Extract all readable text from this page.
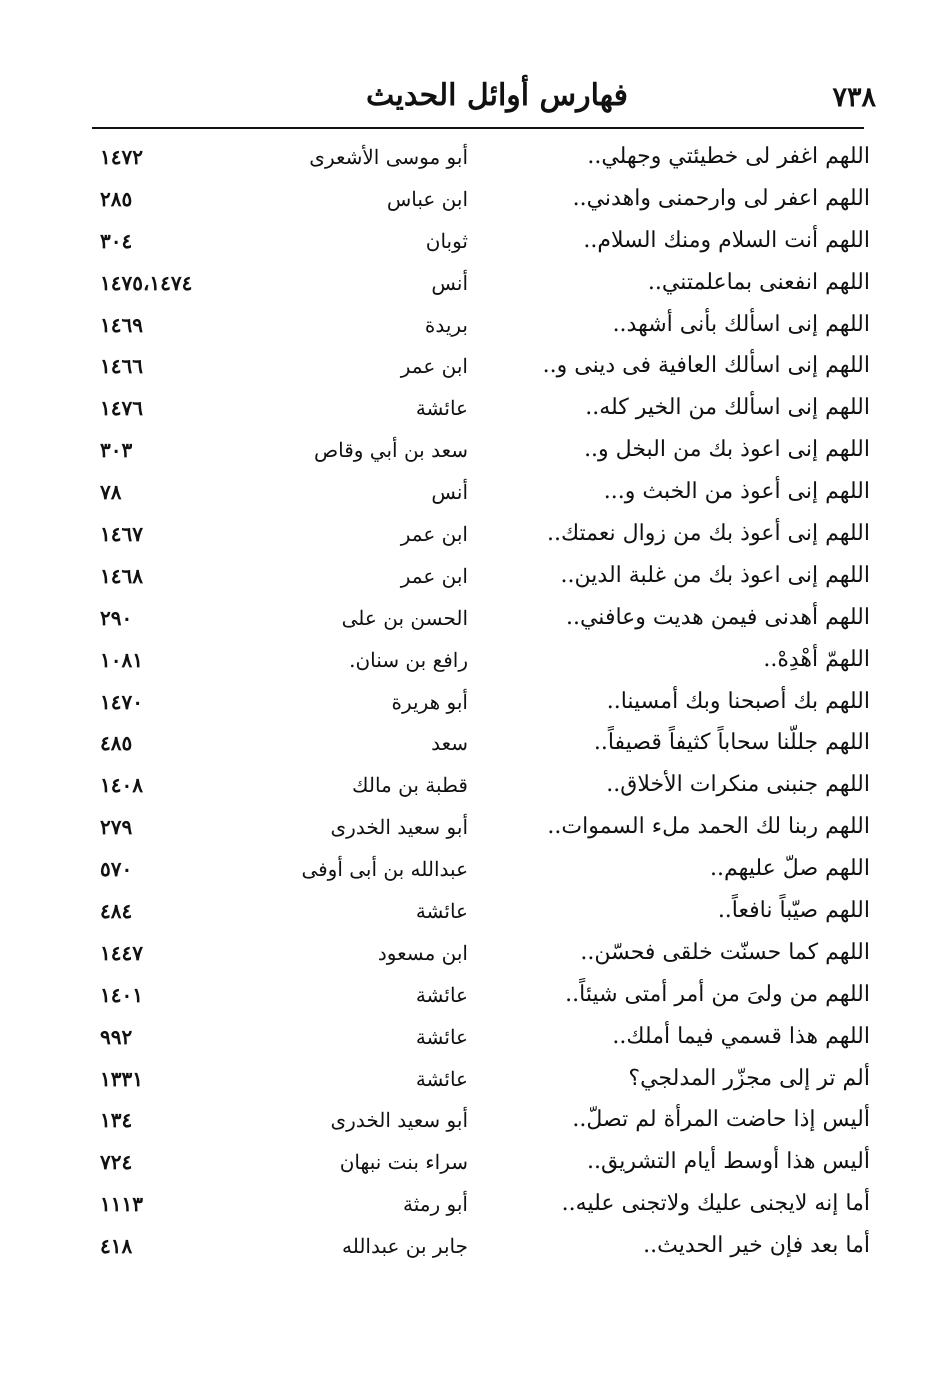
٧٣٨
فهارس أوائل الحديث
اللهم اغفر لى خطيئتي وجهلي..
أبو موسى الأشعرى
١٤٧٢
اللهم اعفر لى وارحمنى واهدني..
ابن عباس
٢٨٥
اللهم أنت السلام ومنك السلام..
ثوبان
٣٠٤
اللهم انفعنى بماعلمتني..
أنس
١٤٧٥،١٤٧٤
اللهم إنى اسألك بأنى أشهد..
بريدة
١٤٦٩
اللهم إنى اسألك العافية فى دينى و..
ابن عمر
١٤٦٦
اللهم إنى اسألك من الخير كله..
عائشة
١٤٧٦
اللهم إنى اعوذ بك من البخل و..
سعد بن أبي وقاص
٣٠٣
اللهم إنى أعوذ من الخبث و...
أنس
٧٨
اللهم إنى أعوذ بك من زوال نعمتك..
ابن عمر
١٤٦٧
اللهم إنى اعوذ بك من غلبة الدين..
ابن عمر
١٤٦٨
اللهم أهدنى فيمن هديت وعافني..
الحسن بن على
٢٩٠
اللهمّ أهْدِهْ..
رافع بن سنان.
١٠٨١
اللهم بك أصبحنا وبك أمسينا..
أبو هريرة
١٤٧٠
اللهم جللّنا سحاباً كثيفاً قصيفاً..
سعد
٤٨٥
اللهم جنبنى منكرات الأخلاق..
قطبة بن مالك
١٤٠٨
اللهم ربنا لك الحمد ملء السموات..
أبو سعيد الخدرى
٢٧٩
اللهم صلّ عليهم..
عبدالله بن أبى أوفى
٥٧٠
اللهم صيّباً نافعاً..
عائشة
٤٨٤
اللهم كما حسنّت خلقى فحسّن..
ابن مسعود
١٤٤٧
اللهم من ولىَ من أمر أمتى شيئاً..
عائشة
١٤٠١
اللهم هذا قسمي فيما أملك..
عائشة
٩٩٢
ألم تر إلى مجزّر المدلجي؟
عائشة
١٣٣١
أليس إذا حاضت المرأة لم تصلّ..
أبو سعيد الخدرى
١٣٤
أليس هذا أوسط أيام التشريق..
سراء بنت نبهان
٧٢٤
أما إنه لايجنى عليك ولاتجنى عليه..
أبو رمثة
١١١٣
أما بعد فإن خير الحديث..
جابر بن عبدالله
٤١٨
